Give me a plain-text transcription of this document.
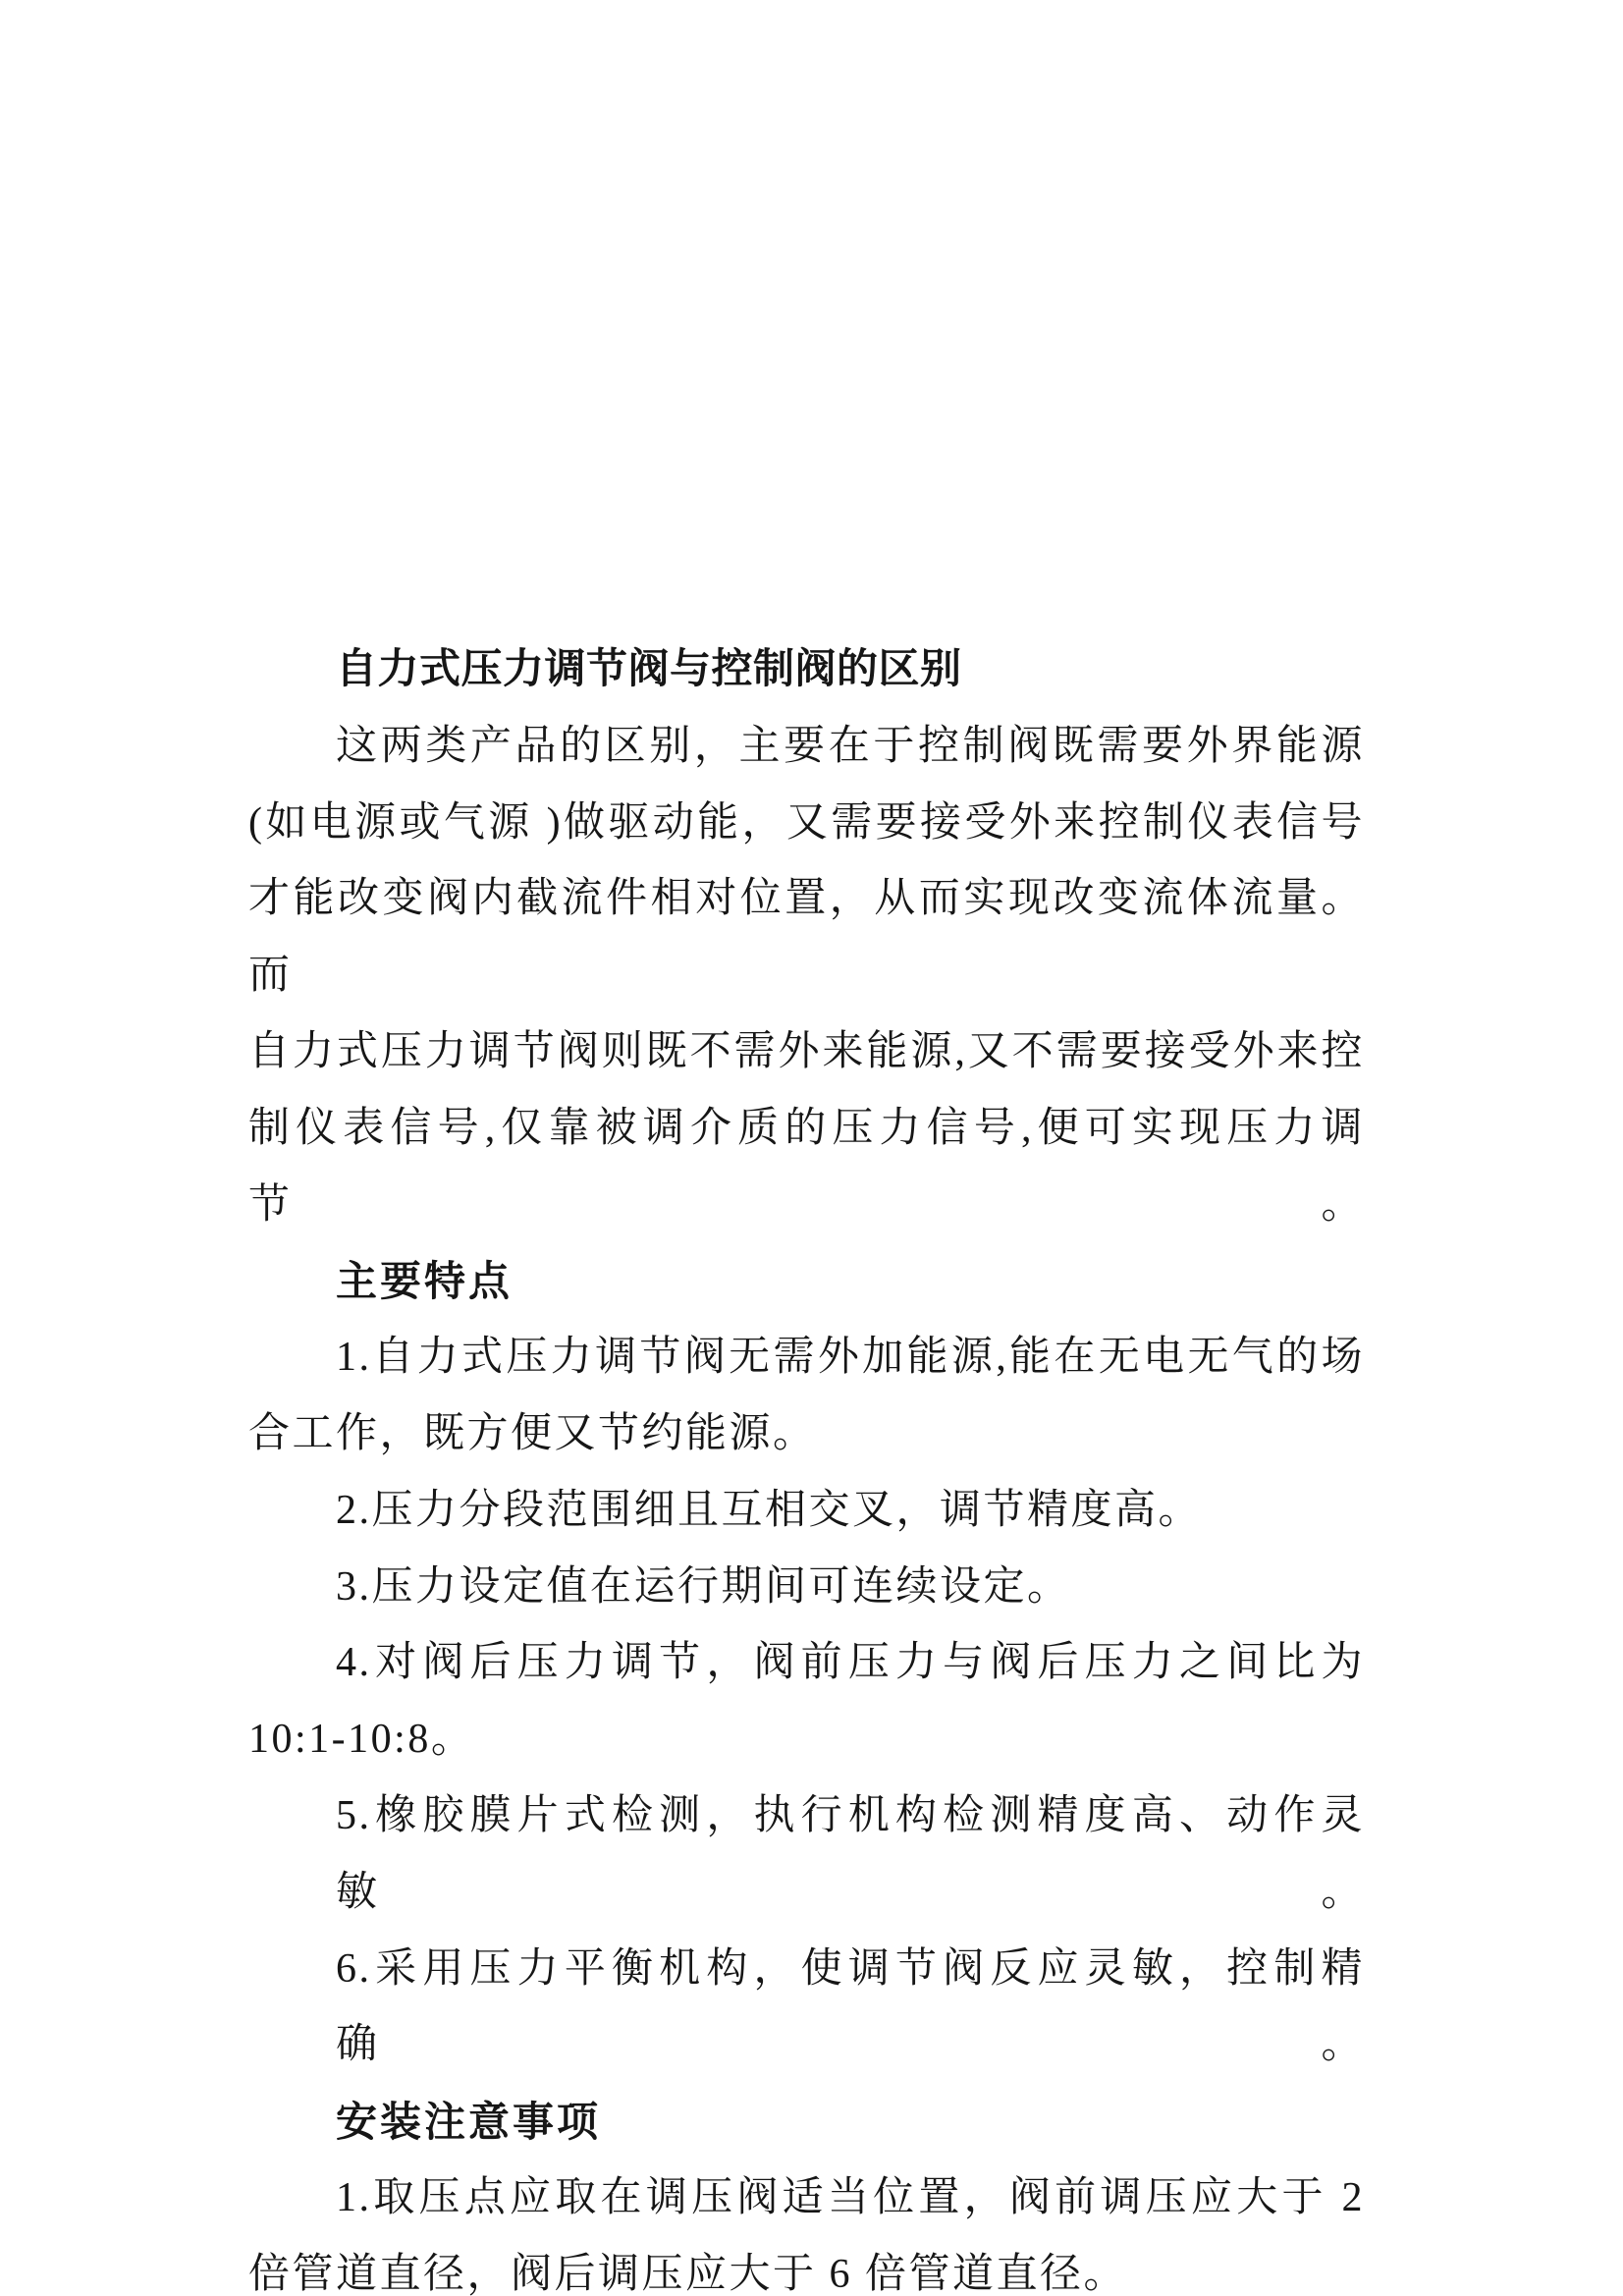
自力式压力调节阀与控制阀的区别
这两类产品的区别，主要在于控制阀既需要外界能源
(如电源或气源 )做驱动能，又需要接受外来控制仪表信号
才能改变阀内截流件相对位置，从而实现改变流体流量。而
自力式压力调节阀则既不需外来能源,又不需要接受外来控
制仪表信号,仅靠被调介质的压力信号,便可实现压力调节。
主要特点
1.自力式压力调节阀无需外加能源,能在无电无气的场
合工作，既方便又节约能源。
2.压力分段范围细且互相交叉，调节精度高。
3.压力设定值在运行期间可连续设定。
4.对阀后压力调节，阀前压力与阀后压力之间比为
10:1-10:8。
5.橡胶膜片式检测，执行机构检测精度高、动作灵敏。
6.采用压力平衡机构，使调节阀反应灵敏，控制精确。
安装注意事项
1.取压点应取在调压阀适当位置，阀前调压应大于 2
倍管道直径，阀后调压应大于 6 倍管道直径。
